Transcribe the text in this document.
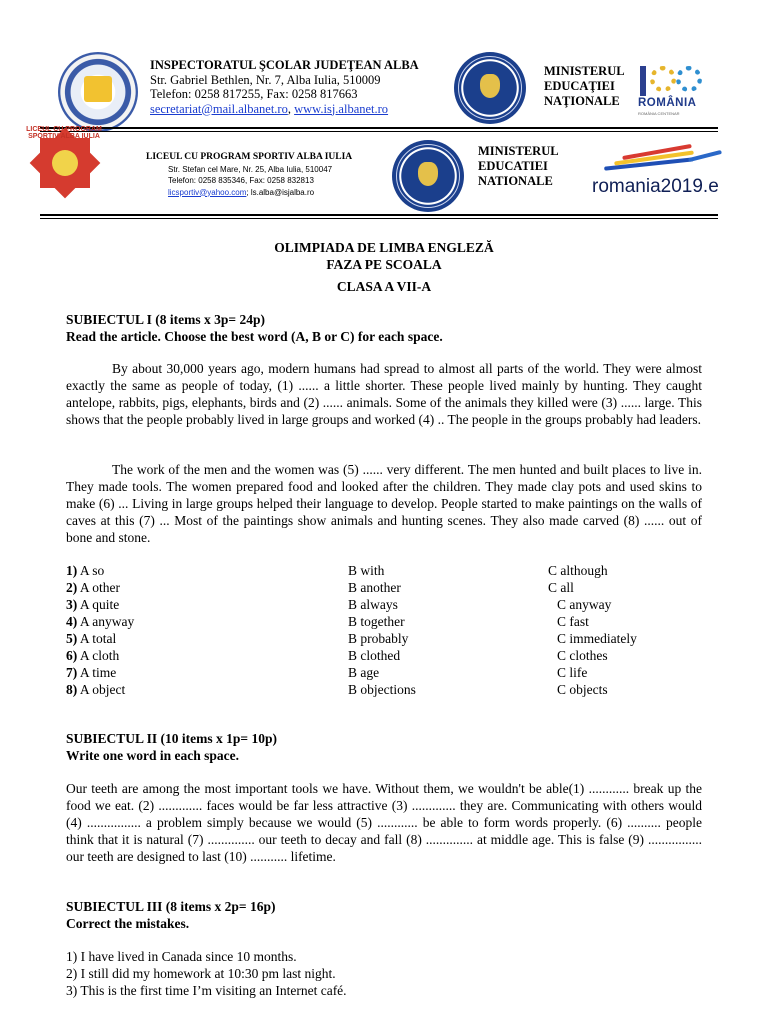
INSPECTORATUL ŞCOLAR JUDEŢEAN ALBA
Str. Gabriel Bethlen, Nr. 7, Alba Iulia, 510009
Telefon: 0258 817255, Fax: 0258 817663
secretariat@mail.albanet.ro, www.isj.albanet.ro
MINISTERUL
EDUCAŢIEI
NAŢIONALE	ROMÂNIA
ROMÂNIA CENTENAR
LICEUL CU PROGRAM SPORTIV ALBA IULIA
LICEUL CU PROGRAM SPORTIV ALBA IULIA
Str. Stefan cel Mare, Nr. 25, Alba Iulia, 510047
Telefon: 0258 835346, Fax: 0258 832813
licsportiv@yahoo.com; ls.alba@isjalba.ro
MINISTERUL
EDUCATIEI
NATIONALE	romania2019.e
OLIMPIADA DE LIMBA ENGLEZĂ
FAZA PE SCOALA
CLASA A VII-A
SUBIECTUL I (8 items x 3p= 24p)
Read the article. Choose the best word (A, B or C) for each space.
By about 30,000 years ago, modern humans had spread to almost all parts of the world. They were almost exactly the same as people of today, (1) ...... a little shorter. These people lived mainly by hunting. They caught antelope, rabbits, pigs, elephants, birds and (2) ...... animals. Some of the animals they killed were (3) ...... large. This shows that the people probably lived in large groups and worked (4) .. The people in the groups probably had leaders.
The work of the men and the women was (5) ...... very different. The men hunted and built places to live in. They made tools. The women prepared food and looked after the children. They made clay pots and used skins to make (6) ... Living in large groups helped their language to develop. People started to make paintings on the walls of caves at this (7) ... Most of the paintings show animals and hunting scenes. They also made carved (8) ...... out of bone and stone.
1) A so	B with	C although
2) A other	B another	C all
3) A quite	B always	C anyway
4) A anyway	B together	C fast
5) A total	B probably	C immediately
6) A cloth	B clothed	C clothes
7) A time	B age	C life
8) A object	B objections	C objects
SUBIECTUL II (10 items x 1p= 10p)
Write one word in each space.
Our teeth are among the most important tools we have. Without them, we wouldn't be able(1) ............ break up the food we eat. (2) ............. faces would be far less attractive (3) ............. they are. Communicating with others would (4) ................ a problem simply because we would (5) ............ be able to form words properly. (6) .......... people think that it is natural (7) .............. our teeth to decay and fall (8) .............. at middle age. This is false (9) ................ our teeth are designed to last (10) ........... lifetime.
SUBIECTUL III (8 items x 2p= 16p)
Correct the mistakes.
1) I have lived in Canada since 10 months.
2) I still did my homework at 10:30 pm last night.
3) This is the first time I’m visiting an Internet café.
